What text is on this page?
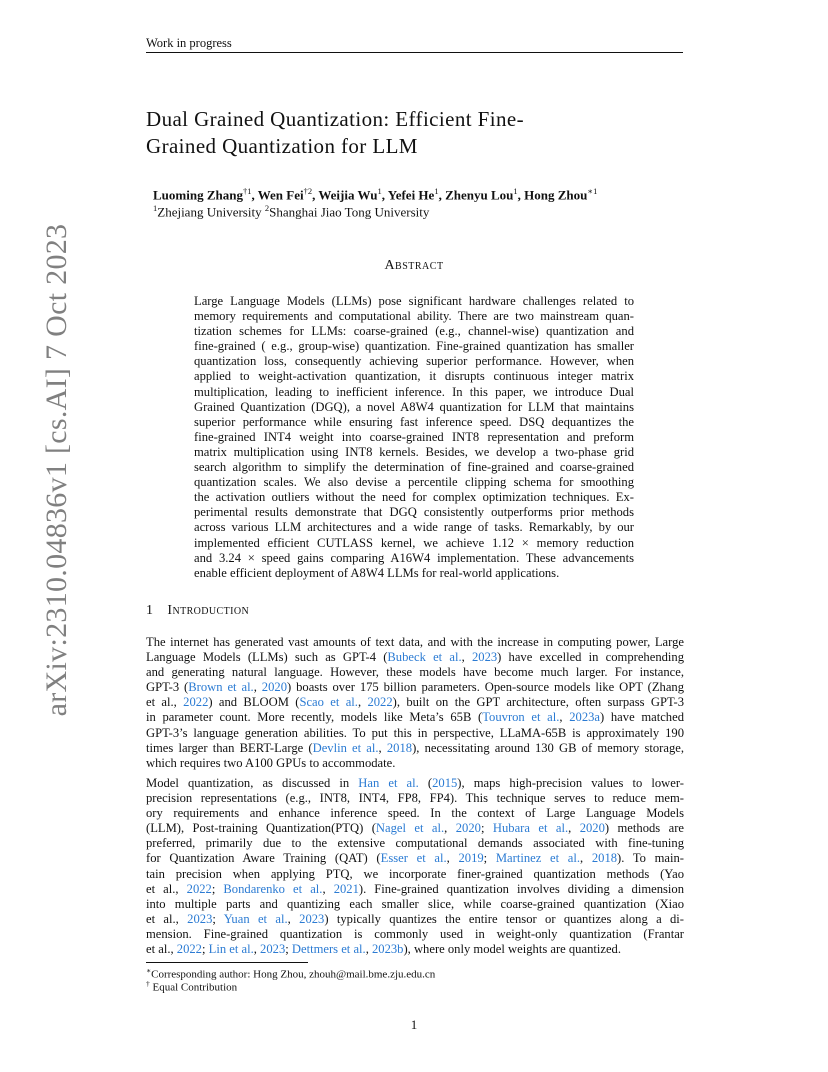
Work in progress
arXiv:2310.04836v1 [cs.AI] 7 Oct 2023
Dual Grained Quantization: Efficient Fine-
Grained Quantization for LLM
Luoming Zhang$^{\dagger 1}$, Wen Fei$^{\dagger 2}$, Weijia Wu$^1$, Yefei He$^1$, Zhenyu Lou$^1$, Hong Zhou$^{∗1}$
$^1$Zhejiang University $^2$Shanghai Jiao Tong University
Abstract
Large Language Models (LLMs) pose significant hardware challenges related to
memory requirements and computational ability. There are two mainstream quan-
tization schemes for LLMs: coarse-grained (e.g., channel-wise) quantization and
fine-grained ( e.g., group-wise) quantization. Fine-grained quantization has smaller
quantization loss, consequently achieving superior performance. However, when
applied to weight-activation quantization, it disrupts continuous integer matrix
multiplication, leading to inefficient inference. In this paper, we introduce Dual
Grained Quantization (DGQ), a novel A8W4 quantization for LLM that maintains
superior performance while ensuring fast inference speed. DSQ dequantizes the
fine-grained INT4 weight into coarse-grained INT8 representation and preform
matrix multiplication using INT8 kernels. Besides, we develop a two-phase grid
search algorithm to simplify the determination of fine-grained and coarse-grained
quantization scales. We also devise a percentile clipping schema for smoothing
the activation outliers without the need for complex optimization techniques. Ex-
perimental results demonstrate that DGQ consistently outperforms prior methods
across various LLM architectures and a wide range of tasks. Remarkably, by our
implemented efficient CUTLASS kernel, we achieve 1.12 × memory reduction
and 3.24 × speed gains comparing A16W4 implementation. These advancements
enable efficient deployment of A8W4 LLMs for real-world applications.
1 Introduction
The internet has generated vast amounts of text data, and with the increase in computing power, Large
Language Models (LLMs) such as GPT-4 (Bubeck et al., 2023) have excelled in comprehending
and generating natural language. However, these models have become much larger. For instance,
GPT-3 (Brown et al., 2020) boasts over 175 billion parameters. Open-source models like OPT (Zhang
et al., 2022) and BLOOM (Scao et al., 2022), built on the GPT architecture, often surpass GPT-3
in parameter count. More recently, models like Meta’s 65B (Touvron et al., 2023a) have matched
GPT-3’s language generation abilities. To put this in perspective, LLaMA-65B is approximately 190
times larger than BERT-Large (Devlin et al., 2018), necessitating around 130 GB of memory storage,
which requires two A100 GPUs to accommodate.
Model quantization, as discussed in Han et al. (2015), maps high-precision values to lower-
precision representations (e.g., INT8, INT4, FP8, FP4). This technique serves to reduce mem-
ory requirements and enhance inference speed. In the context of Large Language Models
(LLM), Post-training Quantization(PTQ) (Nagel et al., 2020; Hubara et al., 2020) methods are
preferred, primarily due to the extensive computational demands associated with fine-tuning
for Quantization Aware Training (QAT) (Esser et al., 2019; Martinez et al., 2018). To main-
tain precision when applying PTQ, we incorporate finer-grained quantization methods (Yao
et al., 2022; Bondarenko et al., 2021). Fine-grained quantization involves dividing a dimension
into multiple parts and quantizing each smaller slice, while coarse-grained quantization (Xiao
et al., 2023; Yuan et al., 2023) typically quantizes the entire tensor or quantizes along a di-
mension. Fine-grained quantization is commonly used in weight-only quantization (Frantar
et al., 2022; Lin et al., 2023; Dettmers et al., 2023b), where only model weights are quantized.
∗Corresponding author: Hong Zhou, zhouh@mail.bme.zju.edu.cn
† Equal Contribution
1
